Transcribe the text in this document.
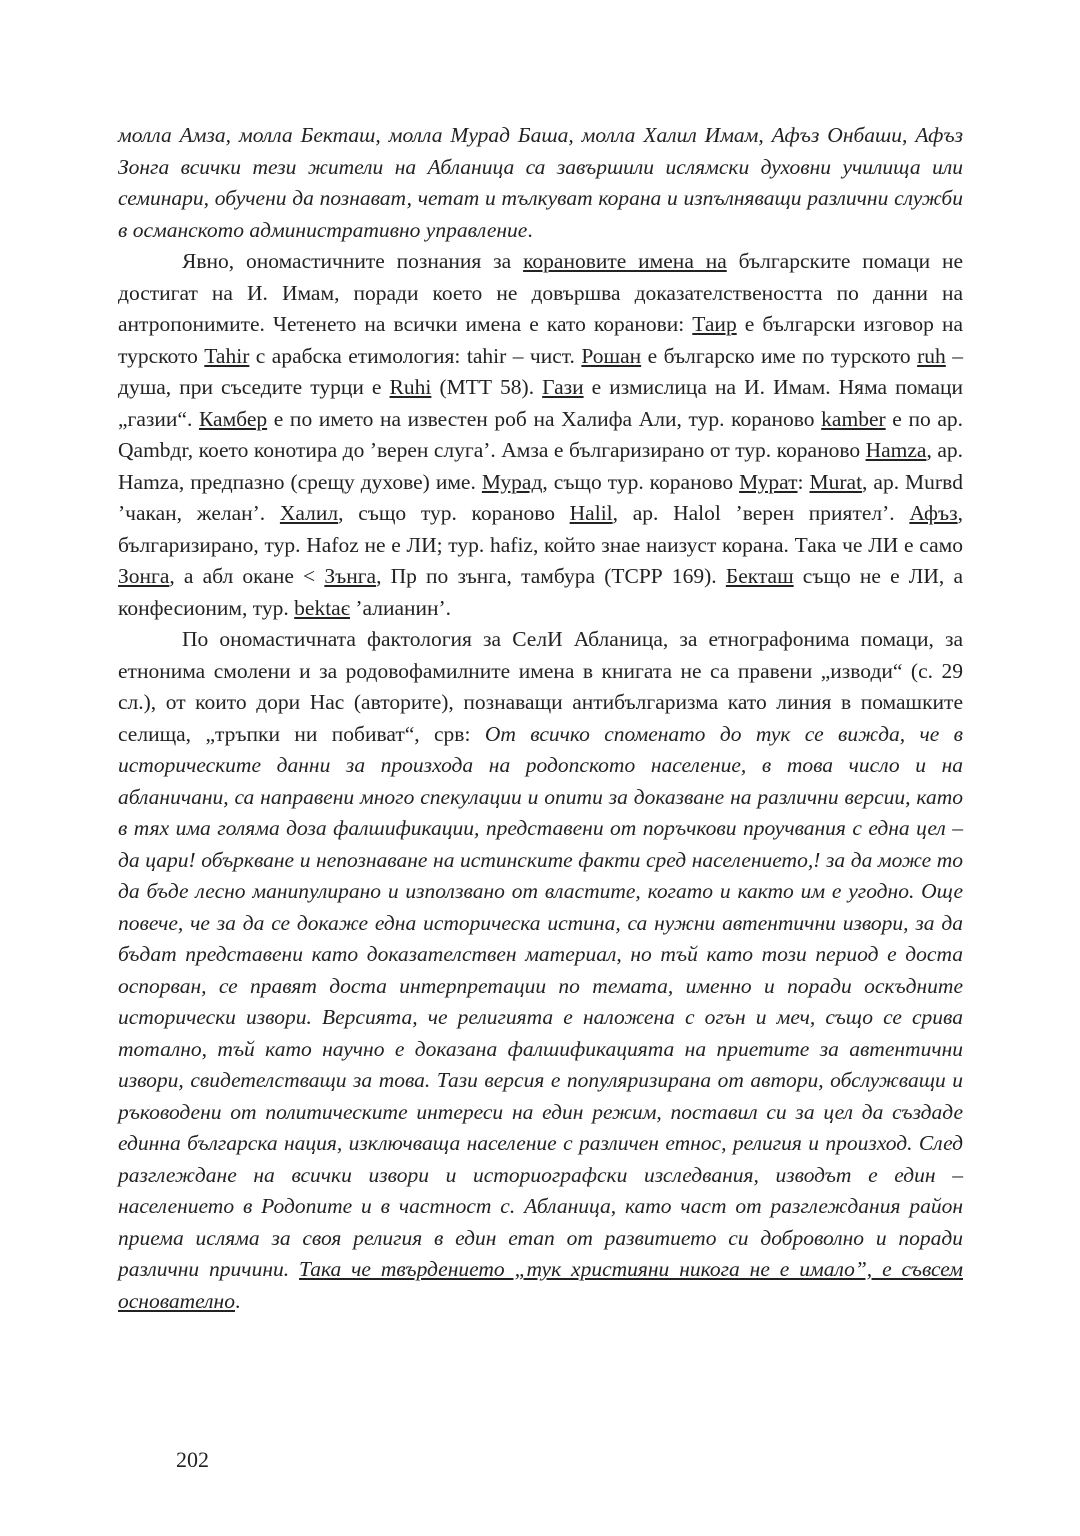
молла Амза, молла Бекташ, молла Мурад Баша, молла Халил Имам, Афъз Онбаши, Афъз Зонга всички тези жители на Абланица са завършили ислямски духовни училища или семинари, обучени да познават, четат и тълкуват корана и изпълняващи различни служби в османското административно управление.

Явно, ономастичните познания за корановите имена на българските помаци не достигат на И. Имам, поради което не довършва доказателствеността по данни на антропонимите. Четенето на всички имена е като коранови: Таир е български изговор на турското Tahir с арабска етимология: tahir – чист. Рошан е българско име по турското ruh – душа, при съседите турци е Ruhi (МТТ 58). Гази е измислица на И. Имам. Няма помаци „газии“. Камбер е по името на известен роб на Халифа Али, тур. кораново kamber е по ар. Qambдr, което конотира до ’верен слуга’. Амза е българизирано от тур. кораново Hamza, ар. Hamza, предпазно (срещу духове) име. Мурад, също тур. кораново Мурат: Murat, ар. Murвd ’чакан, желан’. Халил, също тур. кораново Halil, ар. Halоl ’верен приятел’. Афъз, българизирано, тур. Hafоz не е ЛИ; тур. hafiz, който знае наизуст корана. Така че ЛИ е само Зонга, а абл окане < Зънга, Пр по зънга, тамбура (ТСРР 169). Бекташ също не е ЛИ, а конфесионим, тур. bektaє ’алианин’.

По ономастичната фактология за СелИ Абланица, за етнографонима помаци, за етнонима смолени и за родовофамилните имена в книгата не са правени „изводи“ (с. 29 сл.), от които дори Нас (авторите), познаващи антибългаризма като линия в помашките селища, „тръпки ни побиват“, срв: От всичко споменато до тук се вижда, че в историческите данни за произхода на родопското население, в това число и на абланичани, са направени много спекулации и опити за доказване на различни версии, като в тях има голяма доза фалшификации, представени от поръчкови проучвания с една цел – да цари! объркване и непознаване на истинските факти сред населението,! за да може то да бъде лесно манипулирано и използвано от властите, когато и както им е угодно. Още повече, че за да се докаже една историческа истина, са нужни автентични извори, за да бъдат представени като доказателствен материал, но тъй като този период е доста оспорван, се правят доста интерпретации по темата, именно и поради оскъдните исторически извори. Версията, че религията е наложена с огън и меч, също се срива тотално, тъй като научно е доказана фалшификацията на приетите за автентични извори, свидетелстващи за това. Тази версия е популяризирана от автори, обслужващи и ръководени от политическите интереси на един режим, поставил си за цел да създаде единна българска нация, изключваща население с различен етнос, религия и произход. След разглеждане на всички извори и историографски изследвания, изводът е един – населението в Родопите и в частност с. Абланица, като част от разглеждания район приема исляма за своя религия в един етап от развитието си доброволно и поради различни причини. Така че твърдението „тук християни никога не е имало”, е съвсем основателно.

202
